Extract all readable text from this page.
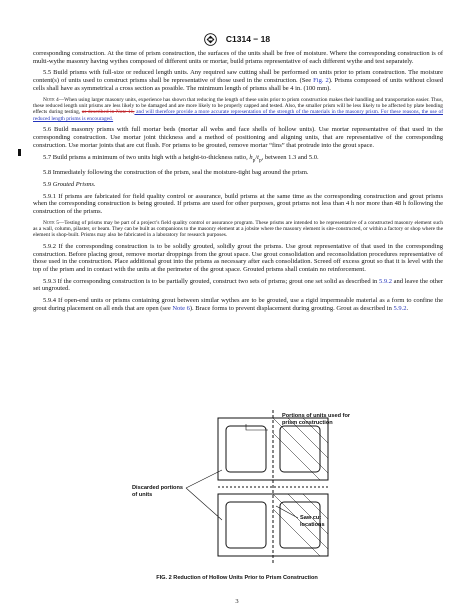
C1314 − 18

corresponding construction. At the time of prism construction, the surfaces of the units shall be free of moisture. Where the corresponding construction is of multi-wythe masonry having wythes composed of different units or mortar, build prisms representative of each different wythe and test separately.

5.5 Build prisms with full-size or reduced length units. Any required saw cutting shall be performed on units prior to prism construction. The moisture content(s) of units used to construct prisms shall be representative of those used in the construction. (See Fig. 2). Prisms composed of units without closed cells shall have as symmetrical a cross section as possible. The minimum length of prisms shall be 4 in. (100 mm).

Note 4—When using larger masonry units, experience has shown that reducing the length of these units prior to prism construction makes their handling and transportation easier. Thus, these reduced length unit prisms are less likely to be damaged and are more likely to be properly capped and tested. Also, the smaller prism will be less likely to be affected by plate bending effects during testing, as described in Note 11, and will therefore provide a more accurate representation of the strength of the materials in the masonry prism. For these reasons, the use of reduced length prisms is encouraged.

5.6 Build masonry prisms with full mortar beds (mortar all webs and face shells of hollow units). Use mortar representative of that used in the corresponding construction. Use mortar joint thickness and a method of positioning and aligning units, that are representative of the corresponding construction. Use mortar joints that are cut flush. For prisms to be grouted, remove mortar “fins” that protrude into the grout space.

5.7 Build prisms a minimum of two units high with a height-to-thickness ratio, $h_p/t_p$, between 1.3 and 5.0.

5.8 Immediately following the construction of the prism, seal the moisture-tight bag around the prism.

5.9 Grouted Prisms.

5.9.1 If prisms are fabricated for field quality control or assurance, build prisms at the same time as the corresponding construction and grout prisms when the corresponding construction is being grouted. If prisms are used for other purposes, grout prisms not less than 4 h nor more than 48 h following the construction of the prisms.

Note 5—Testing of prisms may be part of a project’s field quality control or assurance program. These prisms are intended to be representative of a constructed masonry element such as a wall, column, pilaster, or beam. They can be built as companions to the masonry element at a jobsite where the masonry element is site-constructed, or within a factory or shop where the element is shop-built. Prisms may also be fabricated in a laboratory for research purposes.

5.9.2 If the corresponding construction is to be solidly grouted, solidly grout the prisms. Use grout representative of that used in the corresponding construction. Before placing grout, remove mortar droppings from the grout space. Use grout consolidation and reconsolidation procedures representative of those used in the construction. Place additional grout into the prisms as necessary after each consolidation. Screed off excess grout so that it is level with the top of the prism and in contact with the units at the perimeter of the grout space. Grouted prisms shall contain no reinforcement.

5.9.3 If the corresponding construction is to be partially grouted, construct two sets of prisms; grout one set solid as described in 5.9.2 and leave the other set ungrouted.

5.9.4 If open-end units or prisms containing grout between similar wythes are to be grouted, use a rigid impermeable material as a form to confine the grout during placement on all ends that are open (see Note 6). Brace forms to prevent displacement during grouting. Grout as described in 5.9.2.

Portions of units used for prism construction
Discarded portions of units
Saw cut locations
FIG. 2 Reduction of Hollow Units Prior to Prism Construction
3
